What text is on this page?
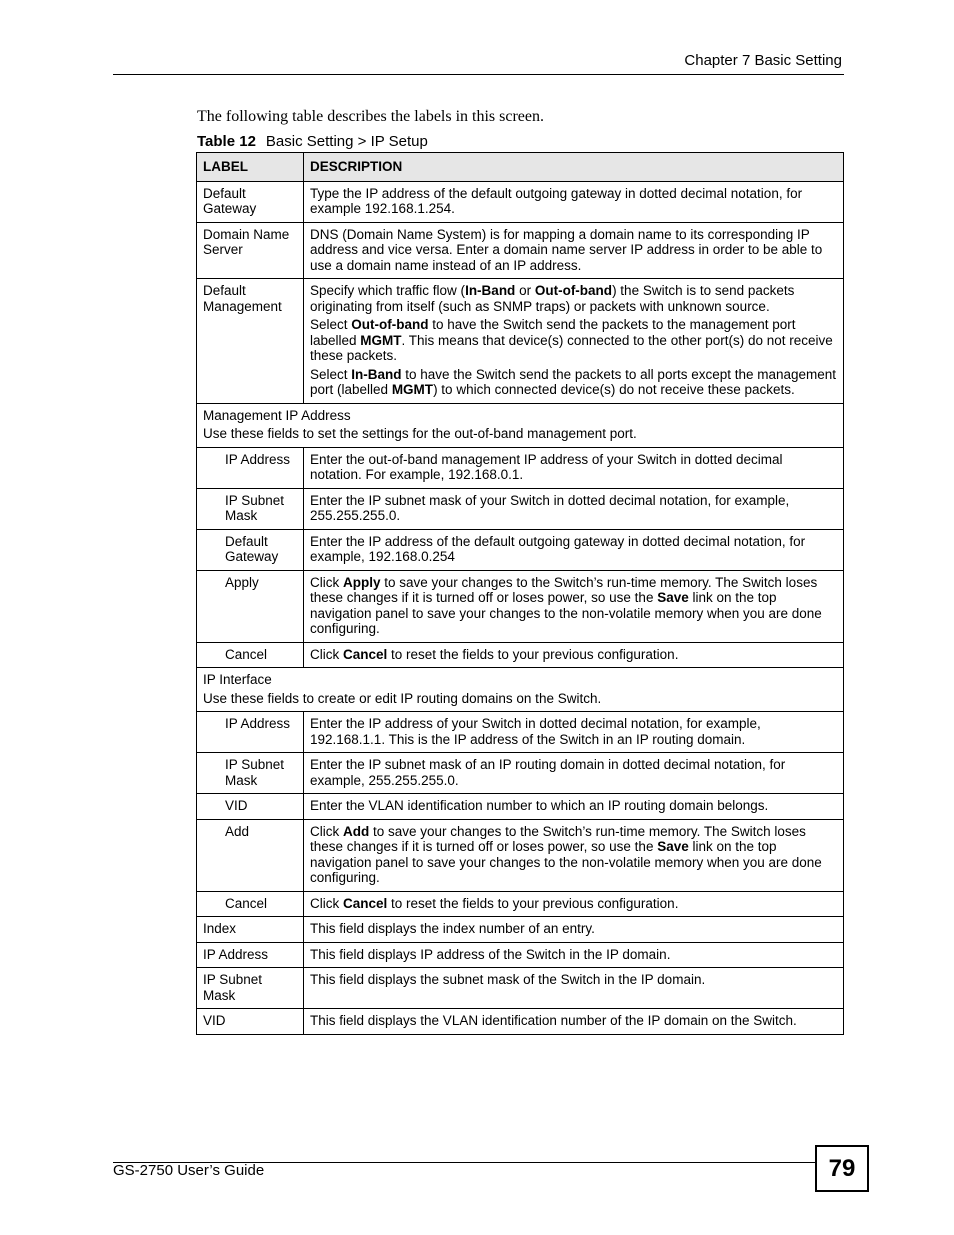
Chapter 7 Basic Setting
The following table describes the labels in this screen.
Table 12 Basic Setting > IP Setup
LABEL	DESCRIPTION
Default Gateway	Type the IP address of the default outgoing gateway in dotted decimal notation, for example 192.168.1.254.

Domain Name Server	DNS (Domain Name System) is for mapping a domain name to its corresponding IP address and vice versa. Enter a domain name server IP address in order to be able to use a domain name instead of an IP address.

Default Management	Specify which traffic flow (In-Band or Out-of-band) the Switch is to send packets originating from itself (such as SNMP traps) or packets with unknown source.

Select Out-of-band to have the Switch send the packets to the management port labelled MGMT. This means that device(s) connected to the other port(s) do not receive these packets.

Select In-Band to have the Switch send the packets to all ports except the management port (labelled MGMT) to which connected device(s) do not receive these packets.

Management IP Address
Use these fields to set the settings for the out-of-band management port.	

IP Address	Enter the out-of-band management IP address of your Switch in dotted decimal notation. For example, 192.168.0.1.

IP Subnet Mask	Enter the IP subnet mask of your Switch in dotted decimal notation, for example, 255.255.255.0.

Default Gateway	Enter the IP address of the default outgoing gateway in dotted decimal notation, for example, 192.168.0.254

Apply	Click Apply to save your changes to the Switch’s run-time memory. The Switch loses these changes if it is turned off or loses power, so use the Save link on the top navigation panel to save your changes to the non-volatile memory when you are done configuring.

Cancel	Click Cancel to reset the fields to your previous configuration.

IP Interface
Use these fields to create or edit IP routing domains on the Switch.	

IP Address	Enter the IP address of your Switch in dotted decimal notation, for example, 192.168.1.1. This is the IP address of the Switch in an IP routing domain.

IP Subnet Mask	Enter the IP subnet mask of an IP routing domain in dotted decimal notation, for example, 255.255.255.0.

VID	Enter the VLAN identification number to which an IP routing domain belongs.

Add	Click Add to save your changes to the Switch’s run-time memory. The Switch loses these changes if it is turned off or loses power, so use the Save link on the top navigation panel to save your changes to the non-volatile memory when you are done configuring.

Cancel	Click Cancel to reset the fields to your previous configuration.

Index	This field displays the index number of an entry.

IP Address	This field displays IP address of the Switch in the IP domain.

IP Subnet Mask	This field displays the subnet mask of the Switch in the IP domain.

VID	This field displays the VLAN identification number of the IP domain on the Switch.

GS-2750 User’s Guide	79
